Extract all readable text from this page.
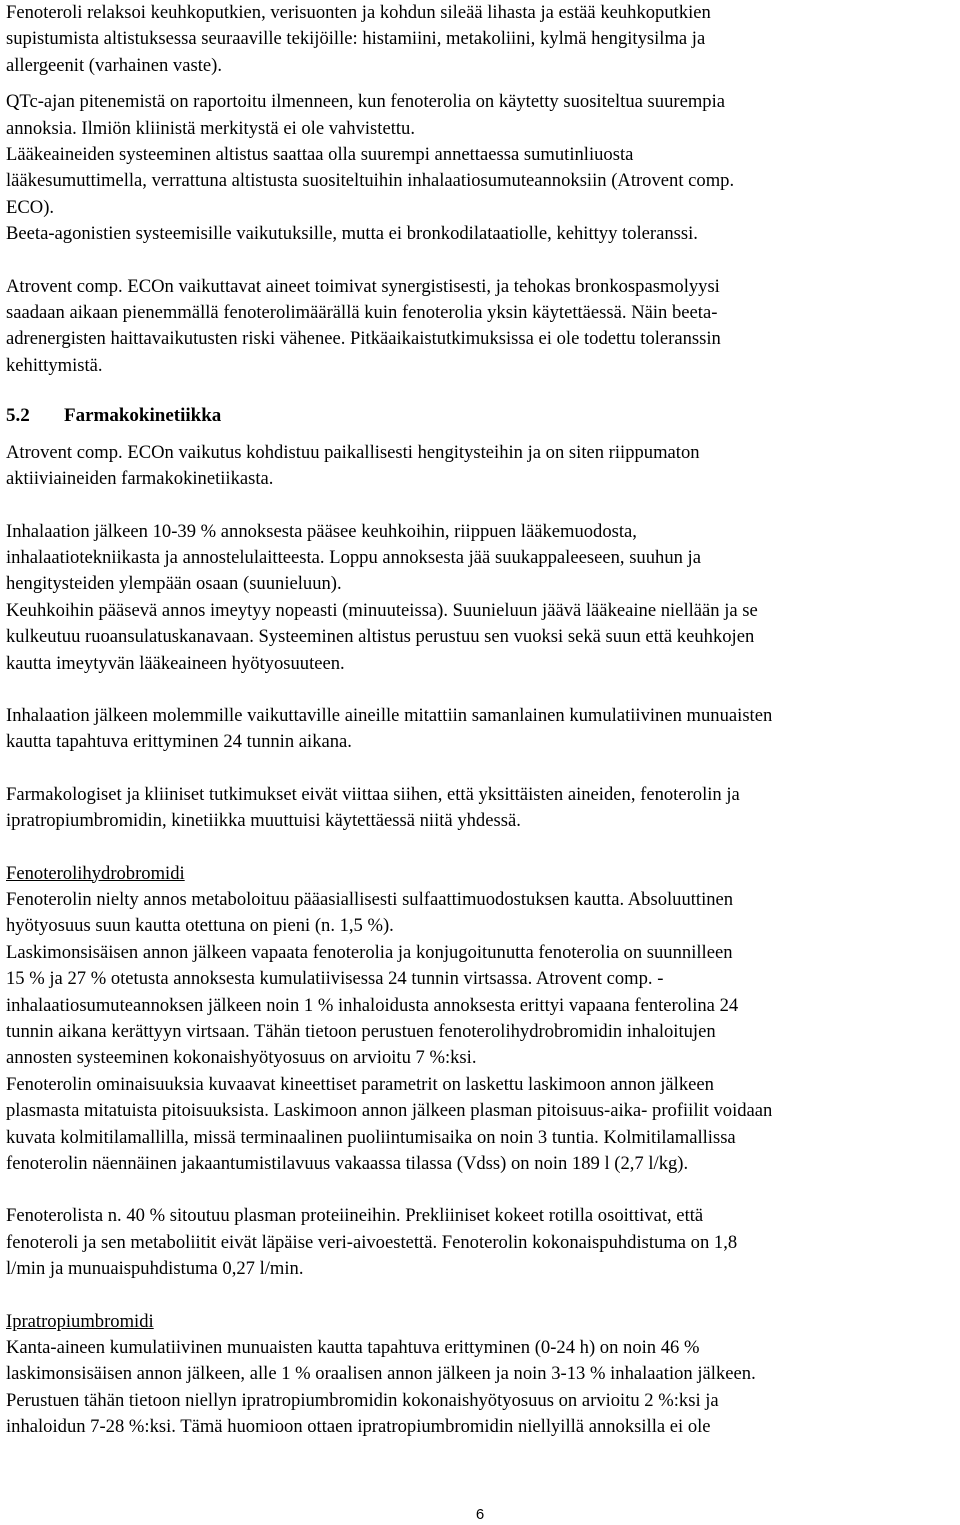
Fenoteroli relaksoi keuhkoputkien, verisuonten ja kohdun sileää lihasta ja estää keuhkoputkien
supistumista altistuksessa seuraaville tekijöille: histamiini, metakoliini, kylmä hengitysilma ja
allergeenit (varhainen vaste).

QTc-ajan pitenemistä on raportoitu ilmenneen, kun fenoterolia on käytetty suositeltua suurempia
annoksia. Ilmiön kliinistä merkitystä ei ole vahvistettu.

Lääkeaineiden systeeminen altistus saattaa olla suurempi annettaessa sumutinliuosta
lääkesumuttimella, verrattuna altistusta suositeltuihin inhalaatiosumuteannoksiin (Atrovent comp.
ECO).

Beeta-agonistien systeemisille vaikutuksille, mutta ei bronkodilataatiolle, kehittyy toleranssi.

Atrovent comp. ECOn vaikuttavat aineet toimivat synergistisesti, ja tehokas bronkospasmolyysi
saadaan aikaan pienemmällä fenoterolimäärällä kuin fenoterolia yksin käytettäessä. Näin beeta-
adrenergisten haittavaikutusten riski vähenee. Pitkäaikaistutkimuksissa ei ole todettu toleranssin
kehittymistä.

5.2 Farmakokinetiikka

Atrovent comp. ECOn vaikutus kohdistuu paikallisesti hengitysteihin ja on siten riippumaton
aktiiviaineiden farmakokinetiikasta.

Inhalaation jälkeen 10-39 % annoksesta pääsee keuhkoihin, riippuen lääkemuodosta,
inhalaatiotekniikasta ja annostelulaitteesta. Loppu annoksesta jää suukappaleeseen, suuhun ja
hengitysteiden ylempään osaan (suunieluun).

Keuhkoihin pääsevä annos imeytyy nopeasti (minuuteissa). Suunieluun jäävä lääkeaine niellään ja se
kulkeutuu ruoansulatuskanavaan. Systeeminen altistus perustuu sen vuoksi sekä suun että keuhkojen
kautta imeytyvän lääkeaineen hyötyosuuteen.

Inhalaation jälkeen molemmille vaikuttaville aineille mitattiin samanlainen kumulatiivinen munuaisten
kautta tapahtuva erittyminen 24 tunnin aikana.

Farmakologiset ja kliiniset tutkimukset eivät viittaa siihen, että yksittäisten aineiden, fenoterolin ja
ipratropiumbromidin, kinetiikka muuttuisi käytettäessä niitä yhdessä.

Fenoterolihydrobromidi

Fenoterolin nielty annos metaboloituu pääasiallisesti sulfaattimuodostuksen kautta. Absoluuttinen
hyötyosuus suun kautta otettuna on pieni (n. 1,5 %).

Laskimonsisäisen annon jälkeen vapaata fenoterolia ja konjugoitunutta fenoterolia on suunnilleen
15 % ja 27 % otetusta annoksesta kumulatiivisessa 24 tunnin virtsassa. Atrovent comp. -
inhalaatiosumuteannoksen jälkeen noin 1 % inhaloidusta annoksesta erittyi vapaana fenterolina 24
tunnin aikana kerättyyn virtsaan. Tähän tietoon perustuen fenoterolihydrobromidin inhaloitujen
annosten systeeminen kokonaishyötyosuus on arvioitu 7 %:ksi.

Fenoterolin ominaisuuksia kuvaavat kineettiset parametrit on laskettu laskimoon annon jälkeen
plasmasta mitatuista pitoisuuksista. Laskimoon annon jälkeen plasman pitoisuus-aika- profiilit voidaan
kuvata kolmitilamallilla, missä terminaalinen puoliintumisaika on noin 3 tuntia. Kolmitilamallissa
fenoterolin näennäinen jakaantumistilavuus vakaassa tilassa (Vdss) on noin 189 l (2,7 l/kg).

Fenoterolista n. 40 % sitoutuu plasman proteiineihin. Prekliiniset kokeet rotilla osoittivat, että
fenoteroli ja sen metaboliitit eivät läpäise veri-aivoestettä. Fenoterolin kokonaispuhdistuma on 1,8
l/min ja munuaispuhdistuma 0,27 l/min.

Ipratropiumbromidi

Kanta-aineen kumulatiivinen munuaisten kautta tapahtuva erittyminen (0-24 h) on noin 46 %
laskimonsisäisen annon jälkeen, alle 1 % oraalisen annon jälkeen ja noin 3-13 % inhalaation jälkeen.
Perustuen tähän tietoon niellyn ipratropiumbromidin kokonaishyötyosuus on arvioitu 2 %:ksi ja
inhaloidun 7-28 %:ksi. Tämä huomioon ottaen ipratropiumbromidin niellyillä annoksilla ei ole

6
